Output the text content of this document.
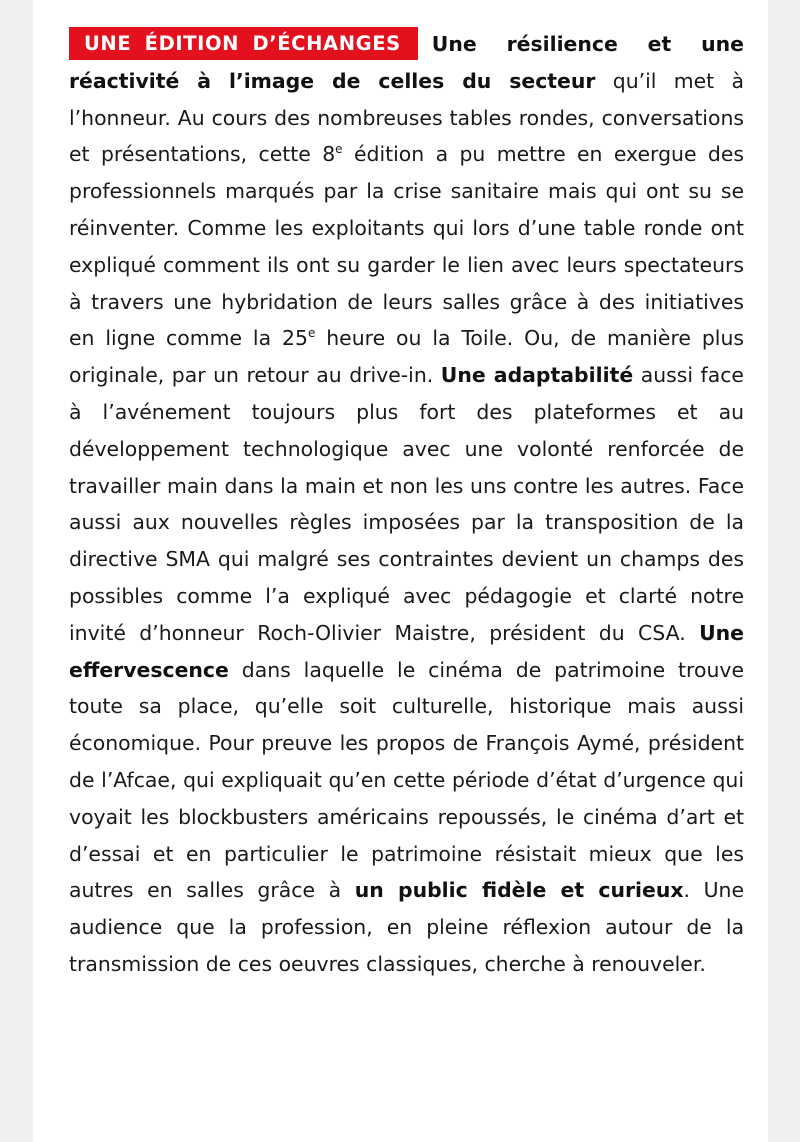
UNE ÉDITION D’ÉCHANGES Une résilience et une réactivité à l’image de celles du secteur qu’il met à l’honneur. Au cours des nombreuses tables rondes, conversations et présentations, cette 8e édition a pu mettre en exergue des professionnels marqués par la crise sanitaire mais qui ont su se réinventer. Comme les exploitants qui lors d’une table ronde ont expliqué comment ils ont su garder le lien avec leurs spectateurs à travers une hybridation de leurs salles grâce à des initiatives en ligne comme la 25e heure ou la Toile. Ou, de manière plus originale, par un retour au drive-in. Une adaptabilité aussi face à l’avénement toujours plus fort des plateformes et au développement technologique avec une volonté renforcée de travailler main dans la main et non les uns contre les autres. Face aussi aux nouvelles règles imposées par la transposition de la directive SMA qui malgré ses contraintes devient un champs des possibles comme l’a expliqué avec pédagogie et clarté notre invité d’honneur Roch-Olivier Maistre, président du CSA. Une effervescence dans laquelle le cinéma de patrimoine trouve toute sa place, qu’elle soit culturelle, historique mais aussi économique. Pour preuve les propos de François Aymé, président de l’Afcae, qui expliquait qu’en cette période d’état d’urgence qui voyait les blockbusters américains repoussés, le cinéma d’art et d’essai et en particulier le patrimoine résistait mieux que les autres en salles grâce à un public fidèle et curieux. Une audience que la profession, en pleine réflexion autour de la transmission de ces oeuvres classiques, cherche à renouveler.
